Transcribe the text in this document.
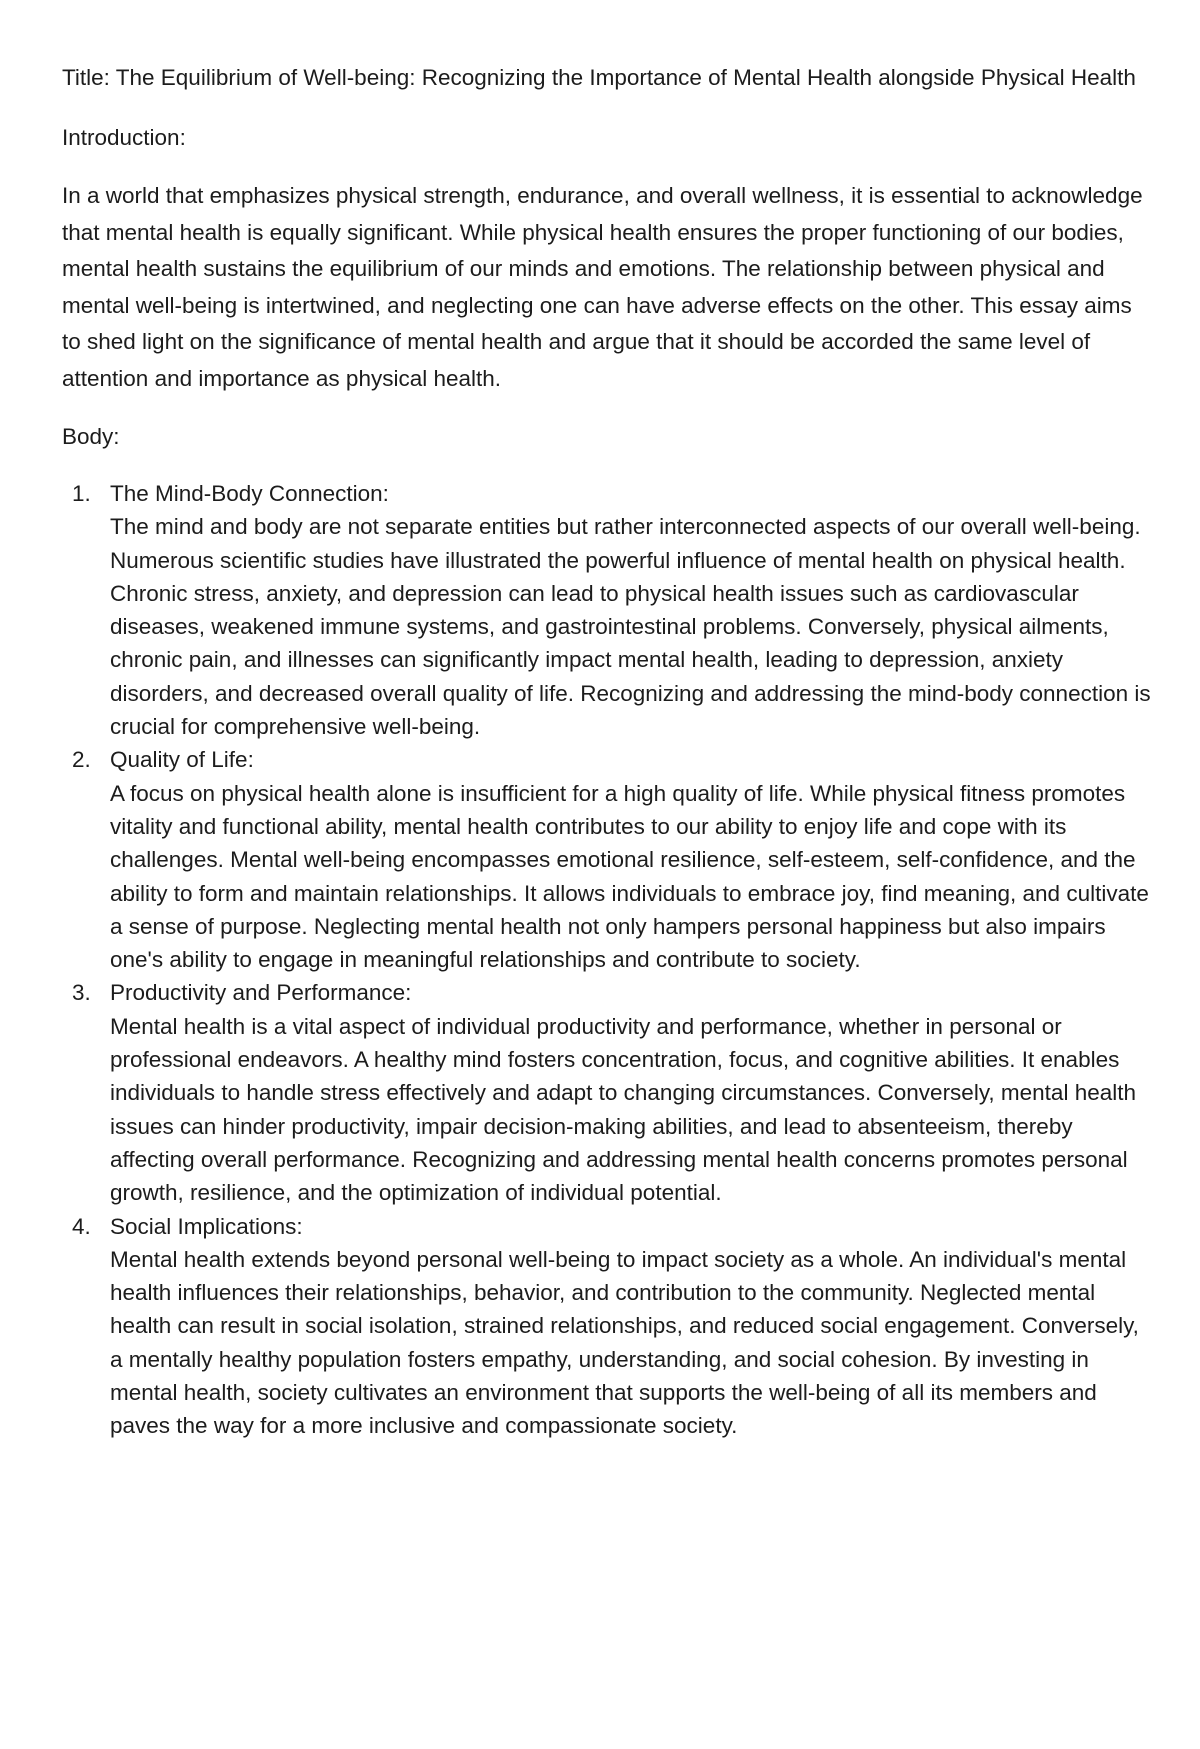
Title: The Equilibrium of Well-being: Recognizing the Importance of Mental Health alongside Physical Health

Introduction:

In a world that emphasizes physical strength, endurance, and overall wellness, it is essential to acknowledge that mental health is equally significant. While physical health ensures the proper functioning of our bodies, mental health sustains the equilibrium of our minds and emotions. The relationship between physical and mental well-being is intertwined, and neglecting one can have adverse effects on the other. This essay aims to shed light on the significance of mental health and argue that it should be accorded the same level of attention and importance as physical health.

Body:

1. The Mind-Body Connection:
The mind and body are not separate entities but rather interconnected aspects of our overall well-being. Numerous scientific studies have illustrated the powerful influence of mental health on physical health. Chronic stress, anxiety, and depression can lead to physical health issues such as cardiovascular diseases, weakened immune systems, and gastrointestinal problems. Conversely, physical ailments, chronic pain, and illnesses can significantly impact mental health, leading to depression, anxiety disorders, and decreased overall quality of life. Recognizing and addressing the mind-body connection is crucial for comprehensive well-being.
2. Quality of Life:
A focus on physical health alone is insufficient for a high quality of life. While physical fitness promotes vitality and functional ability, mental health contributes to our ability to enjoy life and cope with its challenges. Mental well-being encompasses emotional resilience, self-esteem, self-confidence, and the ability to form and maintain relationships. It allows individuals to embrace joy, find meaning, and cultivate a sense of purpose. Neglecting mental health not only hampers personal happiness but also impairs one's ability to engage in meaningful relationships and contribute to society.
3. Productivity and Performance:
Mental health is a vital aspect of individual productivity and performance, whether in personal or professional endeavors. A healthy mind fosters concentration, focus, and cognitive abilities. It enables individuals to handle stress effectively and adapt to changing circumstances. Conversely, mental health issues can hinder productivity, impair decision-making abilities, and lead to absenteeism, thereby affecting overall performance. Recognizing and addressing mental health concerns promotes personal growth, resilience, and the optimization of individual potential.
4. Social Implications:
Mental health extends beyond personal well-being to impact society as a whole. An individual's mental health influences their relationships, behavior, and contribution to the community. Neglected mental health can result in social isolation, strained relationships, and reduced social engagement. Conversely, a mentally healthy population fosters empathy, understanding, and social cohesion. By investing in mental health, society cultivates an environment that supports the well-being of all its members and paves the way for a more inclusive and compassionate society.
